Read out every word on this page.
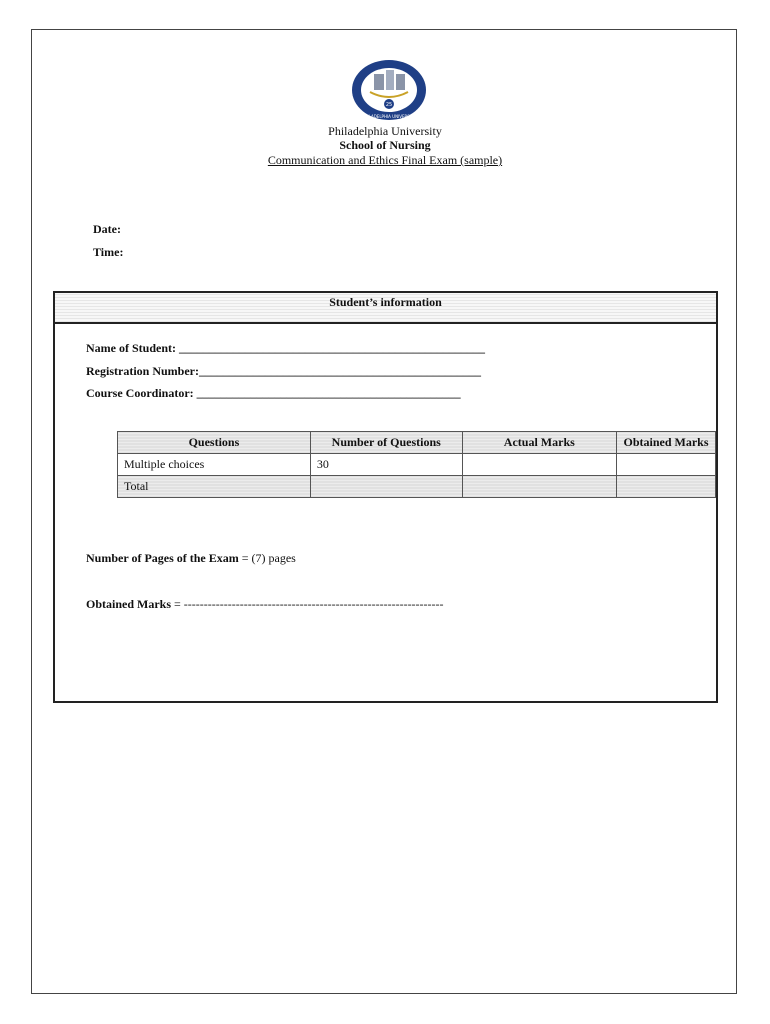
25
PHILADELPHIA UNIVERSITY
Philadelphia University
School of Nursing
Communication and Ethics Final Exam (sample)
Date:
Time:
Student’s information
Name of Student: ___________________________________________________
Registration Number:_______________________________________________
Course Coordinator: ____________________________________________
Questions	Number of Questions	Actual Marks	Obtained Marks
Multiple choices	30		
Total			
Number of Pages of the Exam = (7) pages
Obtained Marks = -----------------------------------------------------------------
